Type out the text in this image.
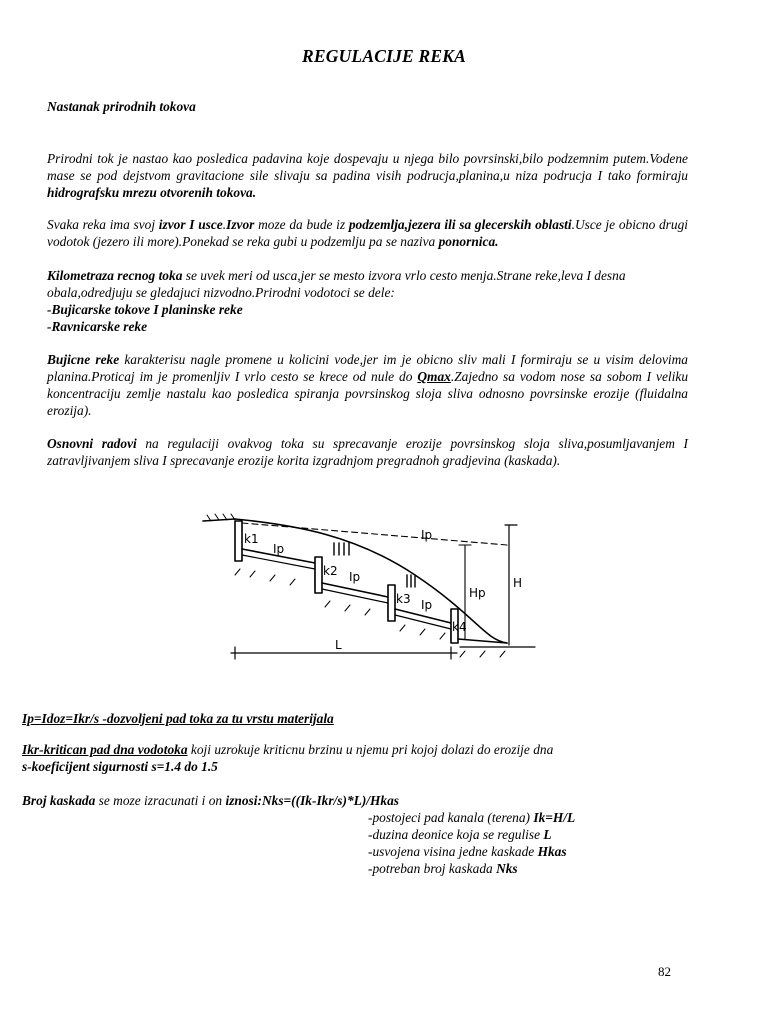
REGULACIJE REKA

Nastanak prirodnih tokova

Prirodni tok je nastao kao posledica padavina koje dospevaju u njega bilo povrsinski,bilo podzemnim putem.Vodene mase se pod dejstvom gravitacione sile slivaju sa padina visih podrucja,planina,u niza podrucja I tako formiraju hidrografsku mrezu otvorenih tokova.

Svaka reka ima svoj izvor I usce.Izvor moze da bude iz podzemlja,jezera ili sa glecerskih oblasti.Usce je obicno drugi vodotok (jezero ili more).Ponekad se reka gubi u podzemlju pa se naziva ponornica.

Kilometraza recnog toka se uvek meri od usca,jer se mesto izvora vrlo cesto menja.Strane reke,leva I desna obala,odredjuju se gledajuci nizvodno.Prirodni vodotoci se dele:

-Bujicarske tokove I planinske reke

-Ravnicarske reke

Bujicne reke karakterisu nagle promene u kolicini vode,jer im je obicno sliv mali I formiraju se u visim delovima planina.Proticaj im je promenljiv I vrlo cesto se krece od nule do Qmax.Zajedno sa vodom nose sa sobom I veliku koncentraciju zemlje nastalu kao posledica spiranja povrsinskog sloja sliva odnosno povrsinske erozije (fluidalna erozija).

Osnovni radovi na regulaciji ovakvog toka su sprecavanje erozije povrsinskog sloja sliva,posumljavanjem I zatravljivanjem sliva I sprecavanje erozije korita izgradnjom pregradnoh gradjevina (kaskada).

k1
k2
k3
k4
Ip
Ip
Ip
Ip
Hp
H
L

Ip=Idoz=Ikr/s -dozvoljeni pad toka za tu vrstu materijala

Ikr-kritican pad dna vodotoka koji uzrokuje kriticnu brzinu u njemu pri kojoj dolazi do erozije dna

s-koeficijent sigurnosti s=1.4 do 1.5

Broj kaskada se moze izracunati i on iznosi:Nks=((Ik-Ikr/s)*L)/Hkas

-postojeci pad kanala (terena) Ik=H/L

-duzina deonice koja se regulise L

-usvojena visina jedne kaskade Hkas

-potreban broj kaskada Nks

82
